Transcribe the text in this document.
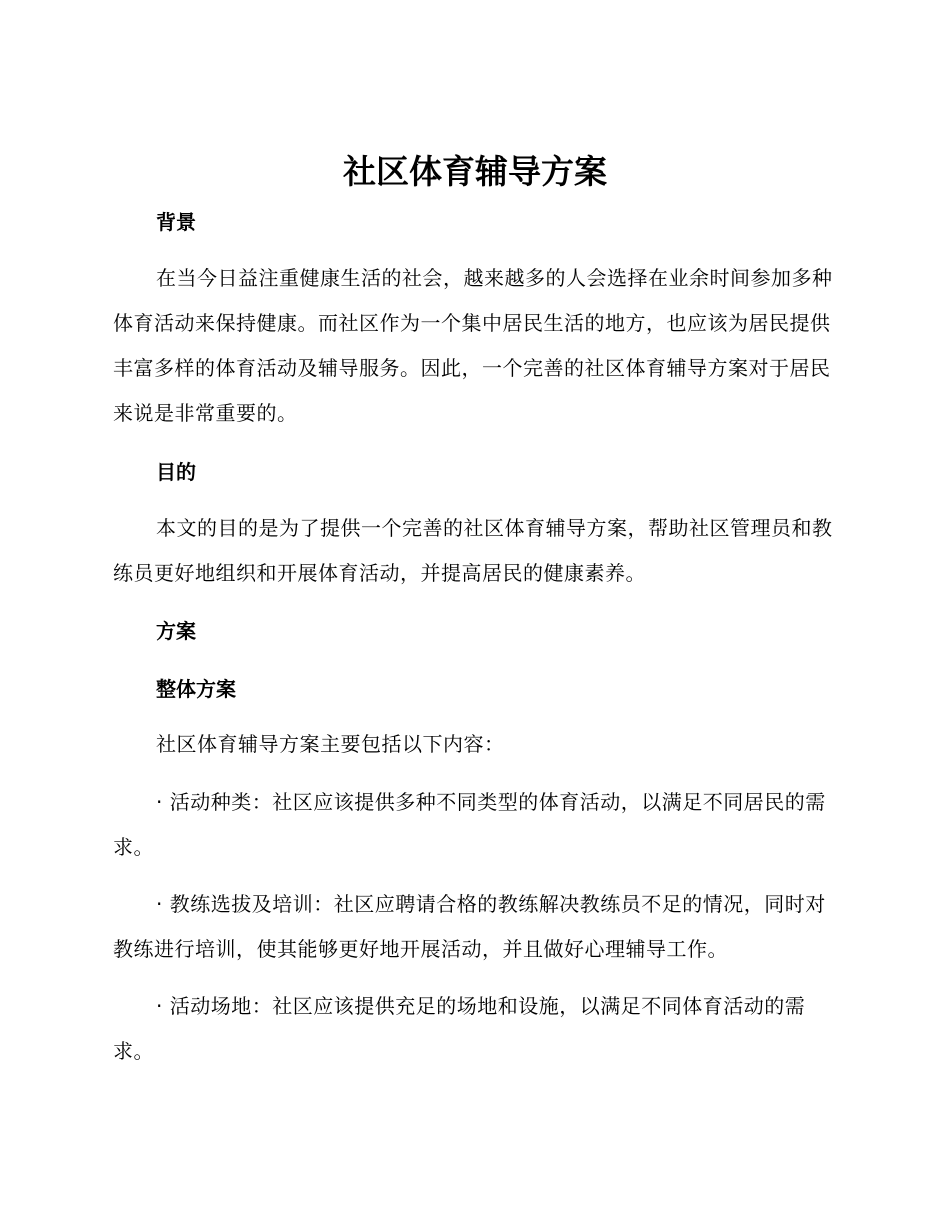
社区体育辅导方案
背景

在当今日益注重健康生活的社会，越来越多的人会选择在业余时间参加多种体育活动来保持健康。而社区作为一个集中居民生活的地方，也应该为居民提供丰富多样的体育活动及辅导服务。因此，一个完善的社区体育辅导方案对于居民来说是非常重要的。

目的

本文的目的是为了提供一个完善的社区体育辅导方案，帮助社区管理员和教练员更好地组织和开展体育活动，并提高居民的健康素养。

方案
整体方案

社区体育辅导方案主要包括以下内容：

· 活动种类：社区应该提供多种不同类型的体育活动，以满足不同居民的需求。

· 教练选拔及培训：社区应聘请合格的教练解决教练员不足的情况，同时对教练进行培训，使其能够更好地开展活动，并且做好心理辅导工作。

· 活动场地：社区应该提供充足的场地和设施，以满足不同体育活动的需求。
